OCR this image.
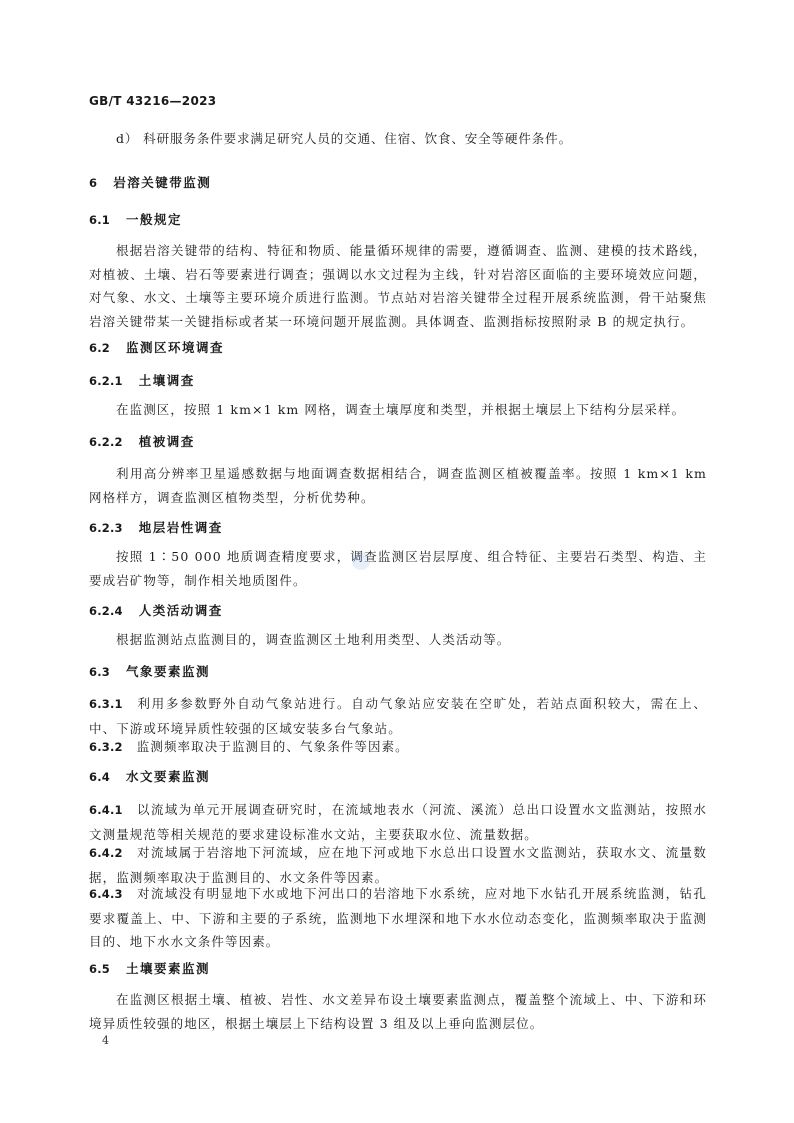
GB/T 43216—2023
d） 科研服务条件要求满足研究人员的交通、住宿、饮食、安全等硬件条件。
6 岩溶关键带监测
6.1 一般规定
根据岩溶关键带的结构、特征和物质、能量循环规律的需要，遵循调查、监测、建模的技术路线，对植被、土壤、岩石等要素进行调查；强调以水文过程为主线，针对岩溶区面临的主要环境效应问题，对气象、水文、土壤等主要环境介质进行监测。节点站对岩溶关键带全过程开展系统监测，骨干站聚焦岩溶关键带某一关键指标或者某一环境问题开展监测。具体调查、监测指标按照附录 B 的规定执行。
6.2 监测区环境调查
6.2.1 土壤调查
在监测区，按照 1 km×1 km 网格，调查土壤厚度和类型，并根据土壤层上下结构分层采样。
6.2.2 植被调查
利用高分辨率卫星遥感数据与地面调查数据相结合，调查监测区植被覆盖率。按照 1 km×1 km 网格样方，调查监测区植物类型，分析优势种。
6.2.3 地层岩性调查
按照 1∶50 000 地质调查精度要求，调查监测区岩层厚度、组合特征、主要岩石类型、构造、主要成岩矿物等，制作相关地质图件。
6.2.4 人类活动调查
根据监测站点监测目的，调查监测区土地利用类型、人类活动等。
6.3 气象要素监测
6.3.1 利用多参数野外自动气象站进行。自动气象站应安装在空旷处，若站点面积较大，需在上、中、下游或环境异质性较强的区域安装多台气象站。
6.3.2 监测频率取决于监测目的、气象条件等因素。
6.4 水文要素监测
6.4.1 以流域为单元开展调查研究时，在流域地表水（河流、溪流）总出口设置水文监测站，按照水文测量规范等相关规范的要求建设标准水文站，主要获取水位、流量数据。
6.4.2 对流域属于岩溶地下河流域，应在地下河或地下水总出口设置水文监测站，获取水文、流量数据，监测频率取决于监测目的、水文条件等因素。
6.4.3 对流域没有明显地下水或地下河出口的岩溶地下水系统，应对地下水钻孔开展系统监测，钻孔要求覆盖上、中、下游和主要的子系统，监测地下水埋深和地下水水位动态变化，监测频率取决于监测目的、地下水水文条件等因素。
6.5 土壤要素监测
在监测区根据土壤、植被、岩性、水文差异布设土壤要素监测点，覆盖整个流域上、中、下游和环境异质性较强的地区，根据土壤层上下结构设置 3 组及以上垂向监测层位。
4
